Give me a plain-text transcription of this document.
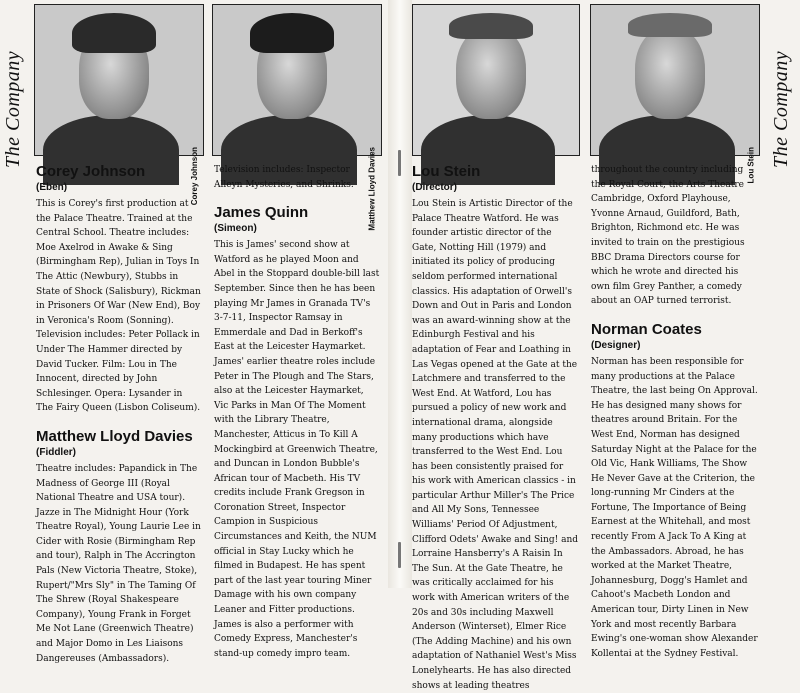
The Company	The Company
Corey Johnson	Matthew Lloyd Davies	Lou Stein
Corey Johnson
(Eben)

This is Corey's first production at the Palace Theatre. Trained at the Central School. Theatre includes: Moe Axelrod in Awake & Sing (Birmingham Rep), Julian in Toys In The Attic (Newbury), Stubbs in State of Shock (Salisbury), Rickman in Prisoners Of War (New End), Boy in Veronica's Room (Sonning). Television includes: Peter Pollack in Under The Hammer directed by David Tucker. Film: Lou in The Innocent, directed by John Schlesinger. Opera: Lysander in The Fairy Queen (Lisbon Coliseum).

Matthew Lloyd Davies
(Fiddler)

Theatre includes: Papandick in The Madness of George III (Royal National Theatre and USA tour). Jazze in The Midnight Hour (York Theatre Royal), Young Laurie Lee in Cider with Rosie (Birmingham Rep and tour), Ralph in The Accrington Pals (New Victoria Theatre, Stoke), Rupert/"Mrs Sly" in The Taming Of The Shrew (Royal Shakespeare Company), Young Frank in Forget Me Not Lane (Greenwich Theatre) and Major Domo in Les Liaisons Dangereuses (Ambassadors).

Television includes: Inspector Alleyn Mysteries, and Shrinks.

James Quinn
(Simeon)

This is James' second show at Watford as he played Moon and Abel in the Stoppard double-bill last September. Since then he has been playing Mr James in Granada TV's 3-7-11, Inspector Ramsay in Emmerdale and Dad in Berkoff's East at the Leicester Haymarket. James' earlier theatre roles include Peter in The Plough and The Stars, also at the Leicester Haymarket, Vic Parks in Man Of The Moment with the Library Theatre, Manchester, Atticus in To Kill A Mockingbird at Greenwich Theatre, and Duncan in London Bubble's African tour of Macbeth. His TV credits include Frank Gregson in Coronation Street, Inspector Campion in Suspicious Circumstances and Keith, the NUM official in Stay Lucky which he filmed in Budapest. He has spent part of the last year touring Miner Damage with his own company Leaner and Fitter productions. James is also a performer with Comedy Express, Manchester's stand-up comedy impro team.

Lou Stein
(Director)

Lou Stein is Artistic Director of the Palace Theatre Watford. He was founder artistic director of the Gate, Notting Hill (1979) and initiated its policy of producing seldom performed international classics. His adaptation of Orwell's Down and Out in Paris and London was an award-winning show at the Edinburgh Festival and his adaptation of Fear and Loathing in Las Vegas opened at the Gate at the Latchmere and transferred to the West End. At Watford, Lou has pursued a policy of new work and international drama, alongside many productions which have transferred to the West End. Lou has been consistently praised for his work with American classics - in particular Arthur Miller's The Price and All My Sons, Tennessee Williams' Period Of Adjustment, Clifford Odets' Awake and Sing! and Lorraine Hansberry's A Raisin In The Sun. At the Gate Theatre, he was critically acclaimed for his work with American writers of the 20s and 30s including Maxwell Anderson (Winterset), Elmer Rice (The Adding Machine) and his own adaptation of Nathaniel West's Miss Lonelyhearts. He has also directed shows at leading theatres

throughout the country including the Royal Court, the Arts Theatre Cambridge, Oxford Playhouse, Yvonne Arnaud, Guildford, Bath, Brighton, Richmond etc. He was invited to train on the prestigious BBC Drama Directors course for which he wrote and directed his own film Grey Panther, a comedy about an OAP turned terrorist.

Norman Coates
(Designer)

Norman has been responsible for many productions at the Palace Theatre, the last being On Approval. He has designed many shows for theatres around Britain. For the West End, Norman has designed Saturday Night at the Palace for the Old Vic, Hank Williams, The Show He Never Gave at the Criterion, the long-running Mr Cinders at the Fortune, The Importance of Being Earnest at the Whitehall, and most recently From A Jack To A King at the Ambassadors. Abroad, he has worked at the Market Theatre, Johannesburg, Dogg's Hamlet and Cahoot's Macbeth London and American tour, Dirty Linen in New York and most recently Barbara Ewing's one-woman show Alexander Kollentai at the Sydney Festival.
